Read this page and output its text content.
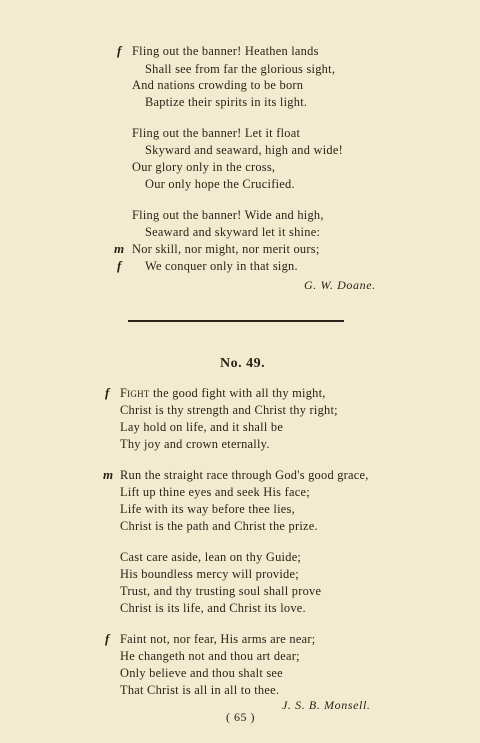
f Fling out the banner! Heathen lands
Shall see from far the glorious sight,
And nations crowding to be born
Baptize their spirits in its light.
Fling out the banner! Let it float
Skyward and seaward, high and wide!
Our glory only in the cross,
Our only hope the Crucified.
Fling out the banner! Wide and high,
Seaward and skyward let it shine:
m Nor skill, nor might, nor merit ours;
f We conquer only in that sign.
G. W. Doane.
No. 49.
f Fight the good fight with all thy might,
Christ is thy strength and Christ thy right;
Lay hold on life, and it shall be
Thy joy and crown eternally.
m Run the straight race through God's good grace,
Lift up thine eyes and seek His face;
Life with its way before thee lies,
Christ is the path and Christ the prize.
Cast care aside, lean on thy Guide;
His boundless mercy will provide;
Trust, and thy trusting soul shall prove
Christ is its life, and Christ its love.
f Faint not, nor fear, His arms are near;
He changeth not and thou art dear;
Only believe and thou shalt see
That Christ is all in all to thee.
J. S. B. Monsell.
( 65 )
